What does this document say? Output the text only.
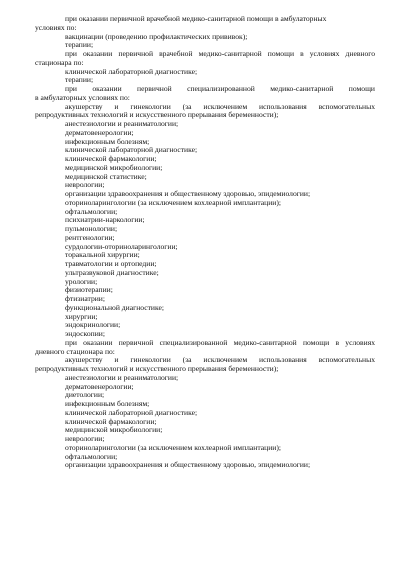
при оказании первичной врачебной медико-санитарной помощи в амбулаторных
условиях по:
вакцинации (проведению профилактических прививок);
терапии;
при оказании первичной врачебной медико-санитарной помощи в условиях дневного
стационара по:
клинической лабораторной диагностике;
терапии;
при оказании первичной специализированной медико-санитарной помощи
в амбулаторных условиях по:
акушерству и гинекологии (за исключением использования вспомогательных
репродуктивных технологий и искусственного прерывания беременности);
анестезиологии и реаниматологии;
дерматовенерологии;
инфекционным болезням;
клинической лабораторной диагностике;
клинической фармакологии;
медицинской микробиологии;
медицинской статистике;
неврологии;
организации здравоохранения и общественному здоровью, эпидемиологии;
оториноларингологии (за исключением кохлеарной имплантации);
офтальмологии;
психиатрии-наркологии;
пульмонологии;
рентгенологии;
сурдологии-оториноларингологии;
торакальной хирургии;
травматологии и ортопедии;
ультразвуковой диагностике;
урологии;
физиотерапии;
фтизиатрии;
функциональной диагностике;
хирургии;
эндокринологии;
эндоскопии;
при оказании первичной специализированной медико-санитарной помощи в условиях
дневного стационара по:
акушерству и гинекологии (за исключением использования вспомогательных
репродуктивных технологий и искусственного прерывания беременности);
анестезиологии и реаниматологии;
дерматовенерологии;
диетологии;
инфекционным болезням;
клинической лабораторной диагностике;
клинической фармакологии;
медицинской микробиологии;
неврологии;
оториноларингологии (за исключением кохлеарной имплантации);
офтальмологии;
организации здравоохранения и общественному здоровью, эпидемиологии;
